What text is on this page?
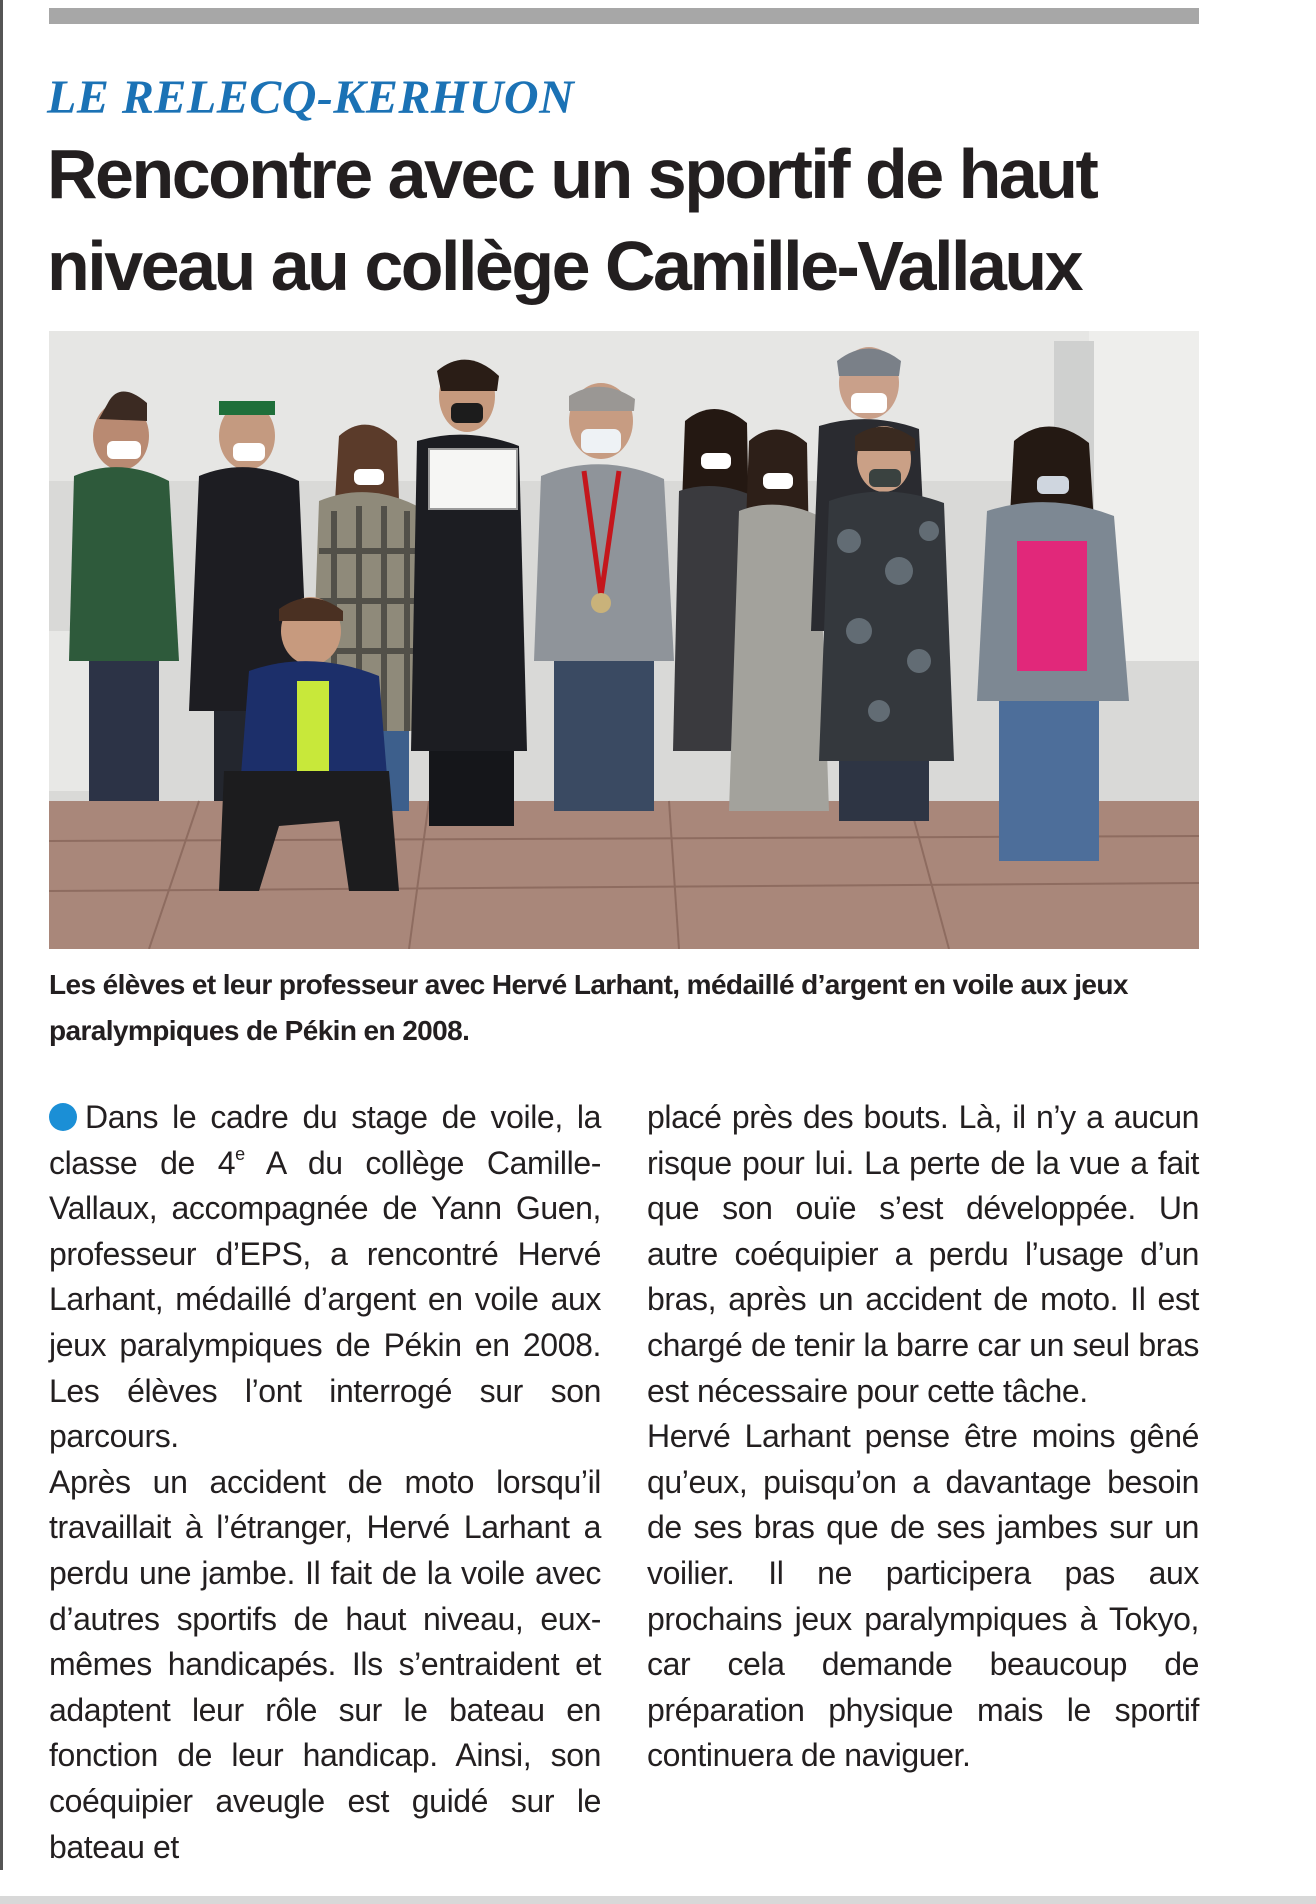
LE RELECQ-KERHUON
Rencontre avec un sportif de haut niveau au collège Camille-Vallaux

Les élèves et leur professeur avec Hervé Larhant, médaillé d’argent en voile aux jeux paralympiques de Pékin en 2008.

Dans le cadre du stage de voile, la classe de 4e A du collège Camille-Vallaux, accompagnée de Yann Guen, professeur d’EPS, a rencontré Hervé Larhant, médaillé d’argent en voile aux jeux paralympiques de Pékin en 2008. Les élèves l’ont interrogé sur son parcours.

Après un accident de moto lorsqu’il travaillait à l’étranger, Hervé Larhant a perdu une jambe. Il fait de la voile avec d’autres sportifs de haut niveau, eux-mêmes handicapés. Ils s’entraident et adaptent leur rôle sur le bateau en fonction de leur handicap. Ainsi, son coéquipier aveugle est guidé sur le bateau et

placé près des bouts. Là, il n’y a aucun risque pour lui. La perte de la vue a fait que son ouïe s’est développée. Un autre coéquipier a perdu l’usage d’un bras, après un accident de moto. Il est chargé de tenir la barre car un seul bras est nécessaire pour cette tâche.

Hervé Larhant pense être moins gêné qu’eux, puisqu’on a davantage besoin de ses bras que de ses jambes sur un voilier. Il ne participera pas aux prochains jeux paralympiques à Tokyo, car cela demande beaucoup de préparation physique mais le sportif continuera de naviguer.
